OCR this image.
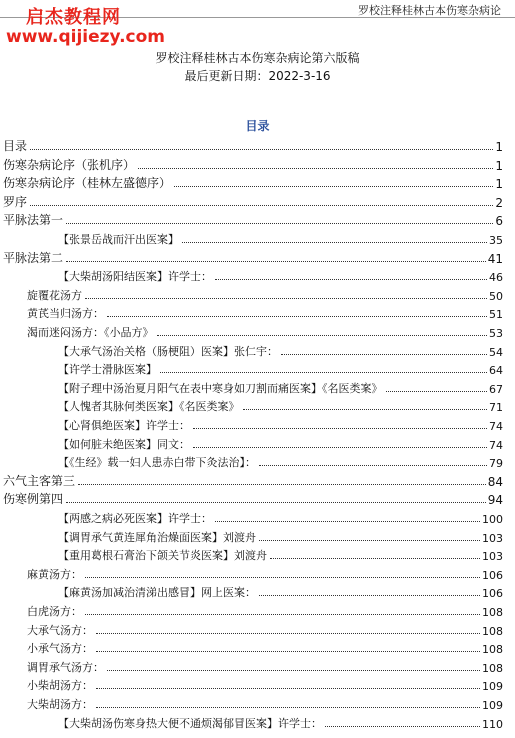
罗校注释桂林古本伤寒杂病论
启杰教程网
www.qijiezy.com
罗校注释桂林古本伤寒杂病论第六版稿
最后更新日期：2022-3-16
目录
目录	1
伤寒杂病论序（张机序）	1
伤寒杂病论序（桂林左盛德序）	1
罗序	2
平脉法第一	6
【张景岳战而汗出医案】	35
平脉法第二	41
【大柴胡汤阳结医案】许学士：	46
旋覆花汤方	50
黄芪当归汤方：	51
渴而迷闷汤方：《小品方》	53
【大承气汤治关格（肠梗阻）医案】张仁宇：	54
【许学士滑脉医案】	64
【附子理中汤治夏月阳气在表中寒身如刀割而痛医案】《名医类案》	67
【人愧者其脉何类医案】《名医类案》	71
【心肾俱绝医案】许学士：	74
【如何脏未绝医案】同文：	74
【《生经》载一妇人患赤白带下灸法治】：	79
六气主客第三	84
伤寒例第四	94
【两感之病必死医案】许学士：	100
【调胃承气黄连犀角治燥面医案】刘渡舟	103
【重用葛根石膏治下颌关节炎医案】刘渡舟	103
麻黄汤方：	106
【麻黄汤加减治清涕出感冒】网上医案：	106
白虎汤方：	108
大承气汤方：	108
小承气汤方：	108
调胃承气汤方：	108
小柴胡汤方：	109
大柴胡汤方：	109
【大柴胡汤伤寒身热大便不通烦渴郁冒医案】许学士：	110
